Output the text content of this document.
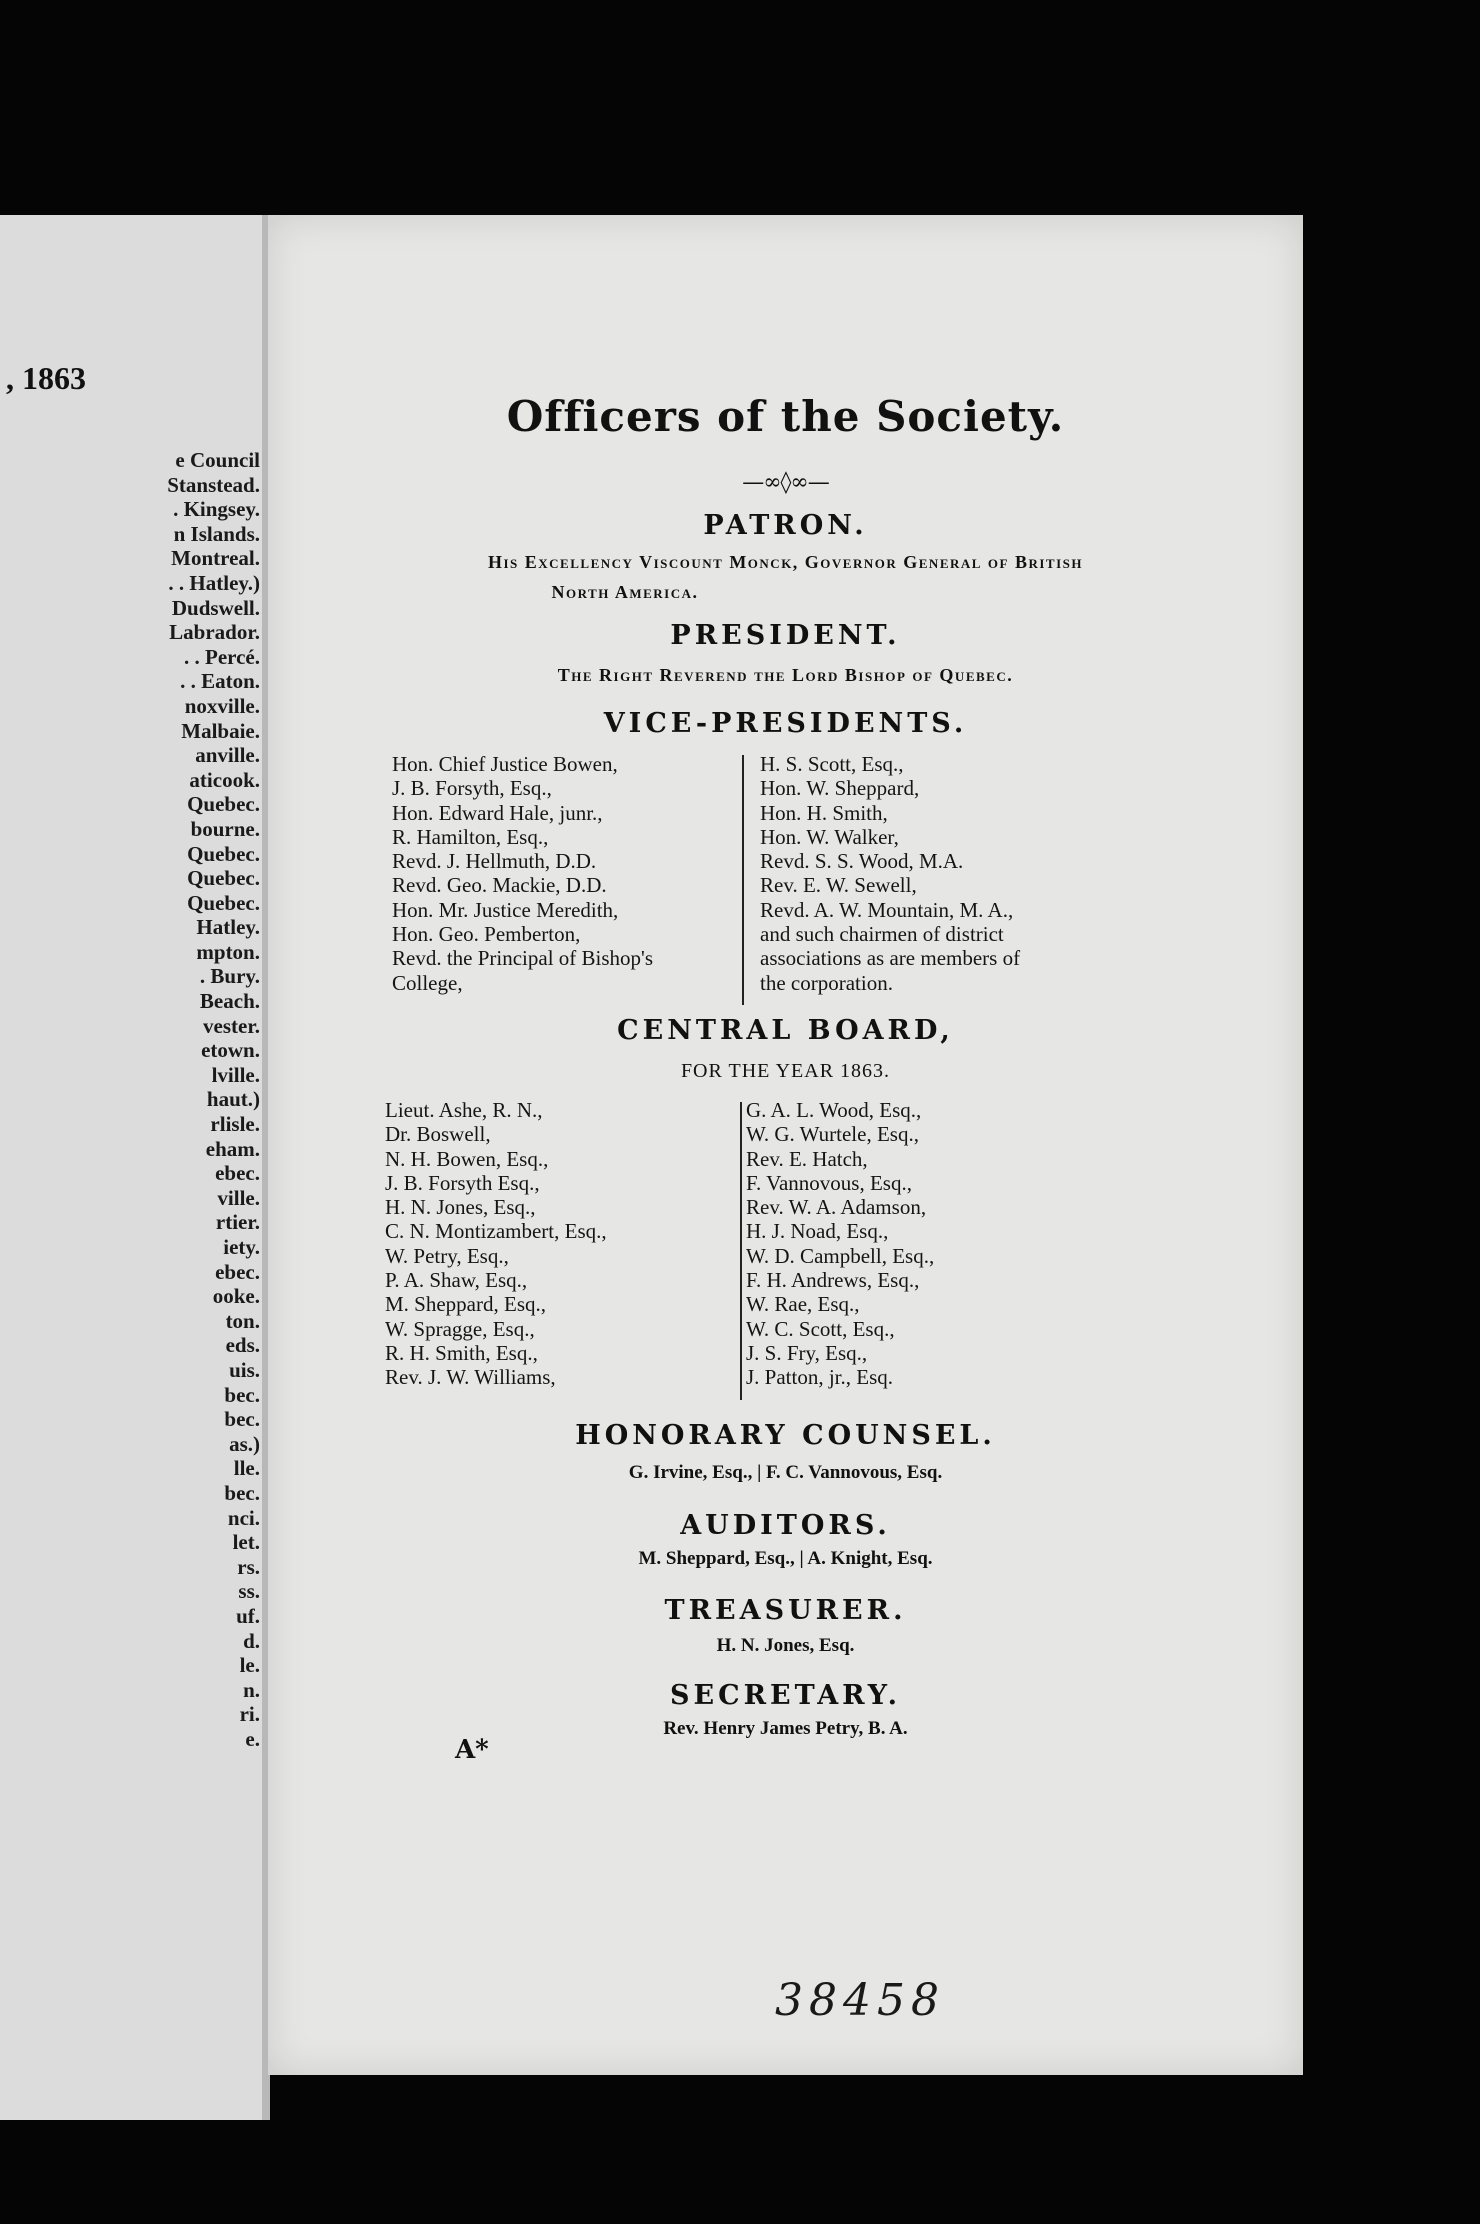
, 1863
e Council
Stanstead.
. Kingsey.
n Islands.
Montreal.
. . Hatley.)
Dudswell.
Labrador.
. . Percé.
. . Eaton.
noxville.
Malbaie.
anville.
aticook.
Quebec.
bourne.
Quebec.
Quebec.
Quebec.
Hatley.
mpton.
. Bury.
Beach.
vester.
etown.
lville.
haut.)
rlisle.
eham.
ebec.
ville.
rtier.
iety.
ebec.
ooke.
ton.
eds.
uis.
bec.
bec.
as.)
lle.
bec.
nci.
let.
rs.
ss.
uf.
d.
le.
n.
ri.
e.
Officers of the Society.
—∞◊∞—
PATRON.
His Excellency Viscount Monck, Governor General of British
North America.
PRESIDENT.
The Right Reverend the Lord Bishop of Quebec.
VICE-PRESIDENTS.
Hon. Chief Justice Bowen,
J. B. Forsyth, Esq.,
Hon. Edward Hale, junr.,
R. Hamilton, Esq.,
Revd. J. Hellmuth, D.D.
Revd. Geo. Mackie, D.D.
Hon. Mr. Justice Meredith,
Hon. Geo. Pemberton,
Revd. the Principal of Bishop's
College,
H. S. Scott, Esq.,
Hon. W. Sheppard,
Hon. H. Smith,
Hon. W. Walker,
Revd. S. S. Wood, M.A.
Rev. E. W. Sewell,
Revd. A. W. Mountain, M. A.,
and such chairmen of district
associations as are members of
the corporation.
CENTRAL BOARD,
FOR THE YEAR 1863.
Lieut. Ashe, R. N.,
Dr. Boswell,
N. H. Bowen, Esq.,
J. B. Forsyth Esq.,
H. N. Jones, Esq.,
C. N. Montizambert, Esq.,
W. Petry, Esq.,
P. A. Shaw, Esq.,
M. Sheppard, Esq.,
W. Spragge, Esq.,
R. H. Smith, Esq.,
Rev. J. W. Williams,
G. A. L. Wood, Esq.,
W. G. Wurtele, Esq.,
Rev. E. Hatch,
F. Vannovous, Esq.,
Rev. W. A. Adamson,
H. J. Noad, Esq.,
W. D. Campbell, Esq.,
F. H. Andrews, Esq.,
W. Rae, Esq.,
W. C. Scott, Esq.,
J. S. Fry, Esq.,
J. Patton, jr., Esq.
HONORARY COUNSEL.
G. Irvine, Esq., | F. C. Vannovous, Esq.
AUDITORS.
M. Sheppard, Esq., | A. Knight, Esq.
TREASURER.
H. N. Jones, Esq.
SECRETARY.
Rev. Henry James Petry, B. A.
A*
38458
